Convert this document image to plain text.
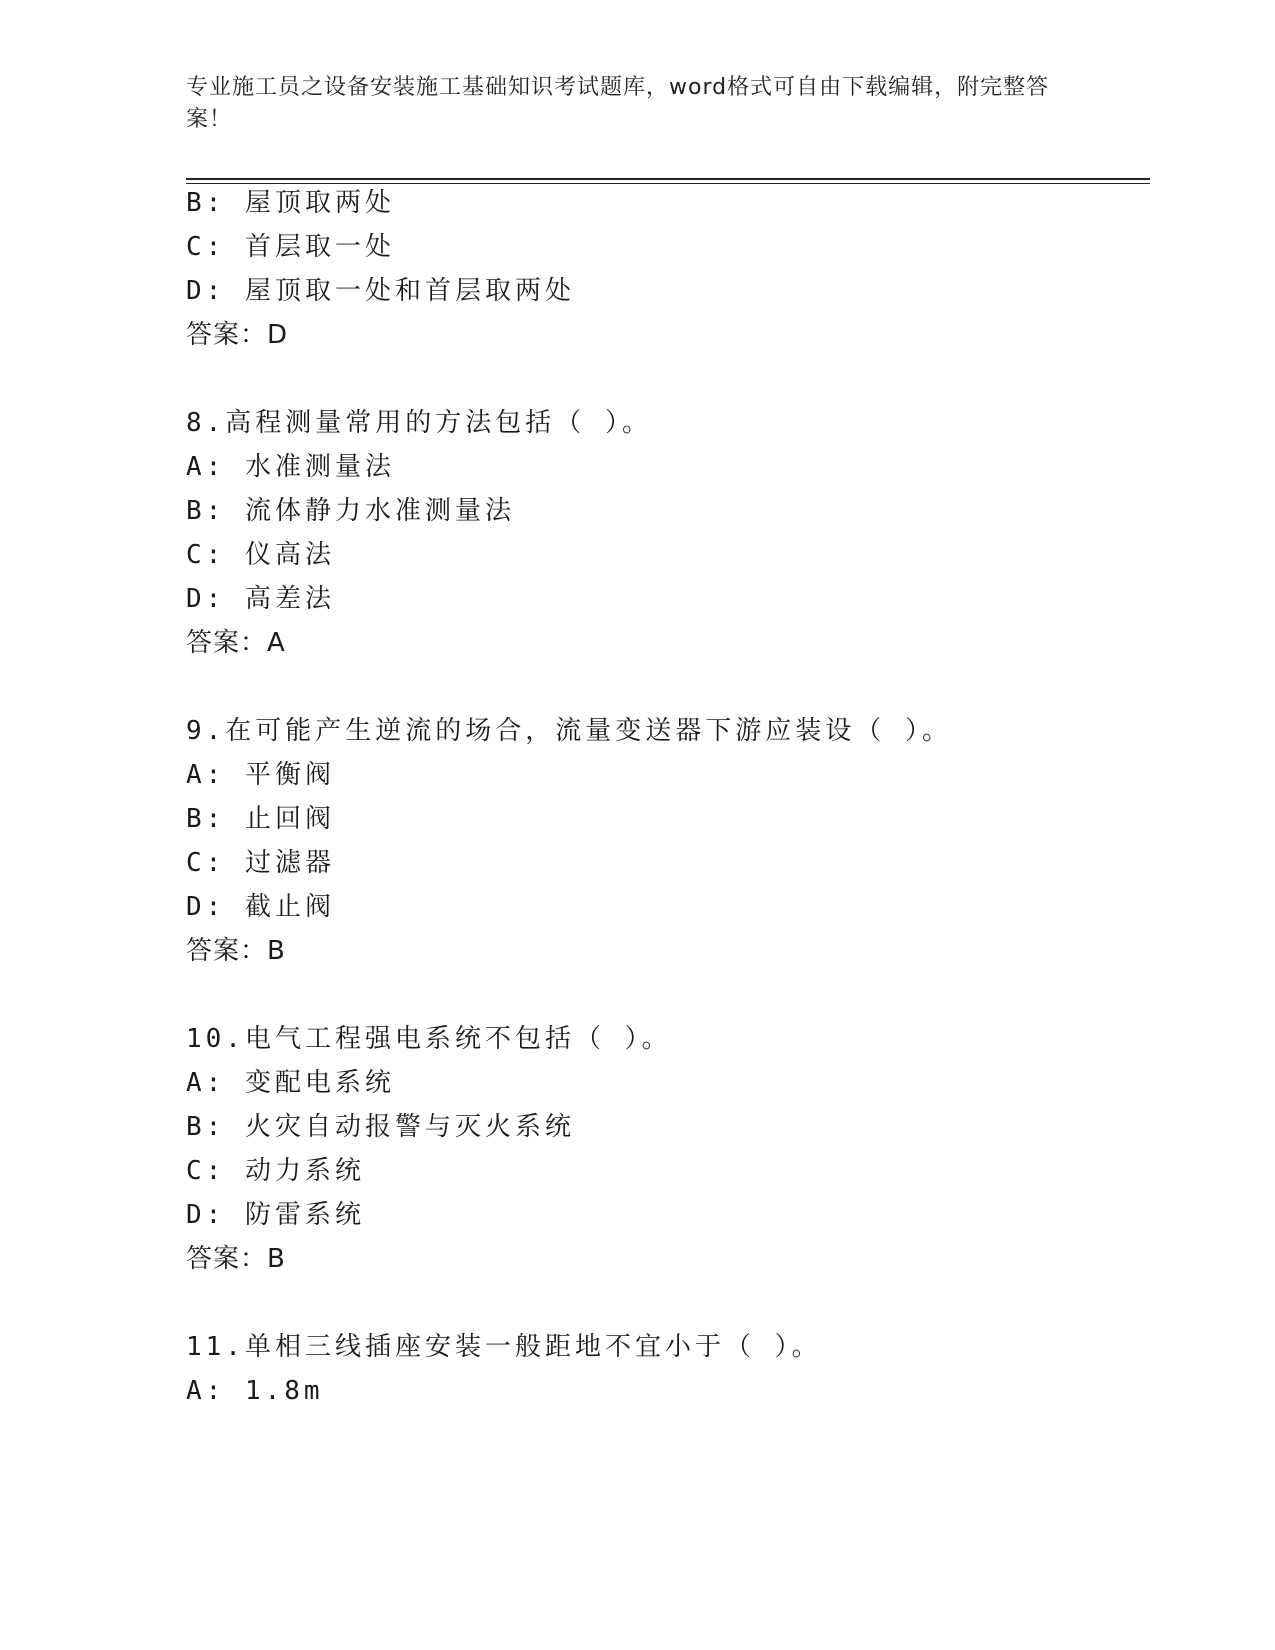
专业施工员之设备安装施工基础知识考试题库，word格式可自由下载编辑，附完整答案！
B: 屋顶取两处
C: 首层取一处
D: 屋顶取一处和首层取两处
答案：D
8.高程测量常用的方法包括（ ）。
A: 水准测量法
B: 流体静力水准测量法
C: 仪高法
D: 高差法
答案：A
9.在可能产生逆流的场合，流量变送器下游应装设（ ）。
A: 平衡阀
B: 止回阀
C: 过滤器
D: 截止阀
答案：B
10.电气工程强电系统不包括（ ）。
A: 变配电系统
B: 火灾自动报警与灭火系统
C: 动力系统
D: 防雷系统
答案：B
11.单相三线插座安装一般距地不宜小于（ ）。
A: 1.8m
